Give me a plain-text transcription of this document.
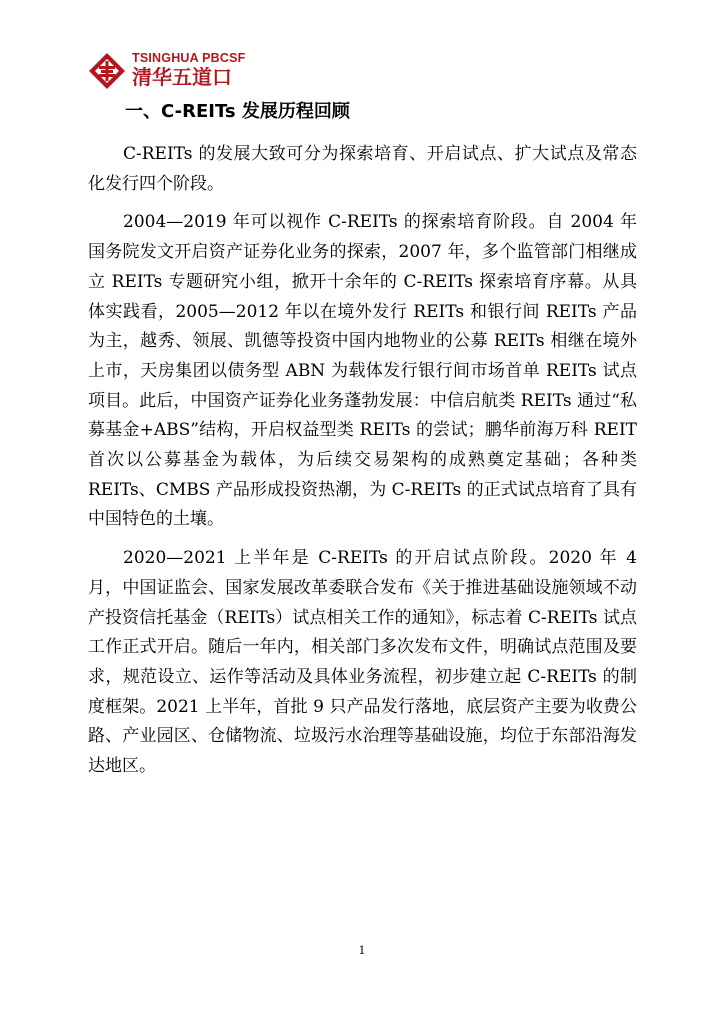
TSINGHUA PBCSF
清华五道口
一、C-REITs 发展历程回顾

C-REITs 的发展大致可分为探索培育、开启试点、扩大试点及常态化发行四个阶段。

2004—2019 年可以视作 C-REITs 的探索培育阶段。自 2004 年国务院发文开启资产证券化业务的探索，2007 年，多个监管部门相继成立 REITs 专题研究小组，掀开十余年的 C-REITs 探索培育序幕。从具体实践看，2005—2012 年以在境外发行 REITs 和银行间 REITs 产品为主，越秀、领展、凯德等投资中国内地物业的公募 REITs 相继在境外上市，天房集团以债务型 ABN 为载体发行银行间市场首单 REITs 试点项目。此后，中国资产证券化业务蓬勃发展：中信启航类 REITs 通过“私募基金+ABS”结构，开启权益型类 REITs 的尝试；鹏华前海万科 REIT 首次以公募基金为载体，为后续交易架构的成熟奠定基础；各种类 REITs、CMBS 产品形成投资热潮，为 C-REITs 的正式试点培育了具有中国特色的土壤。

2020—2021 上半年是 C-REITs 的开启试点阶段。2020 年 4 月，中国证监会、国家发展改革委联合发布《关于推进基础设施领域不动产投资信托基金（REITs）试点相关工作的通知》，标志着 C-REITs 试点工作正式开启。随后一年内，相关部门多次发布文件，明确试点范围及要求，规范设立、运作等活动及具体业务流程，初步建立起 C-REITs 的制度框架。2021 上半年，首批 9 只产品发行落地，底层资产主要为收费公路、产业园区、仓储物流、垃圾污水治理等基础设施，均位于东部沿海发达地区。

1
